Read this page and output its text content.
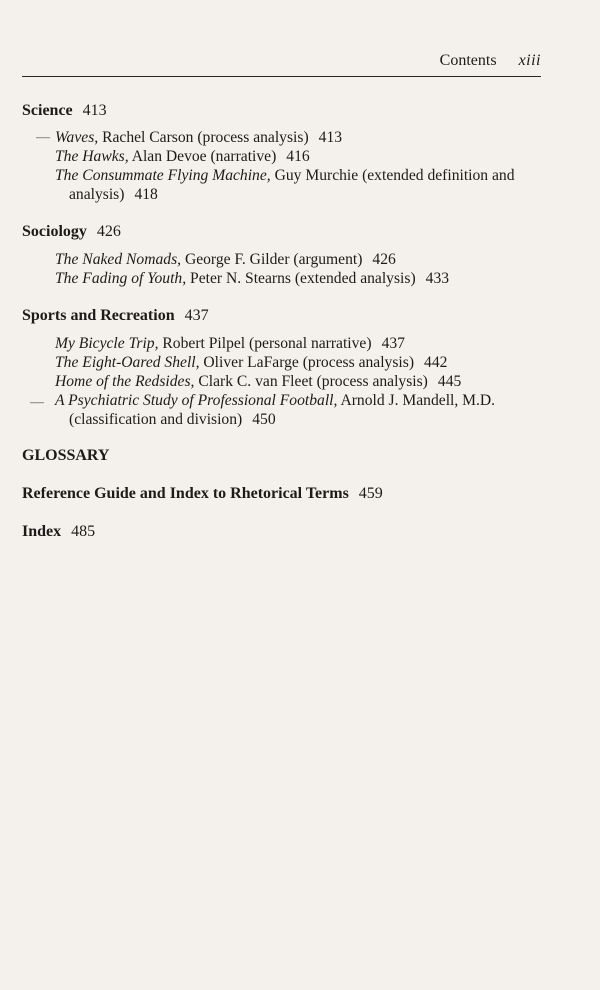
Contents xiii
Science 413
Waves, Rachel Carson (process analysis) 413
The Hawks, Alan Devoe (narrative) 416
The Consummate Flying Machine, Guy Murchie (extended definition and analysis) 418
—
Sociology 426
The Naked Nomads, George F. Gilder (argument) 426
The Fading of Youth, Peter N. Stearns (extended analysis) 433
Sports and Recreation 437
My Bicycle Trip, Robert Pilpel (personal narrative) 437
The Eight-Oared Shell, Oliver LaFarge (process analysis) 442
Home of the Redsides, Clark C. van Fleet (process analysis) 445
A Psychiatric Study of Professional Football, Arnold J. Mandell, M.D. (classification and division) 450
—
GLOSSARY
Reference Guide and Index to Rhetorical Terms 459
Index 485
